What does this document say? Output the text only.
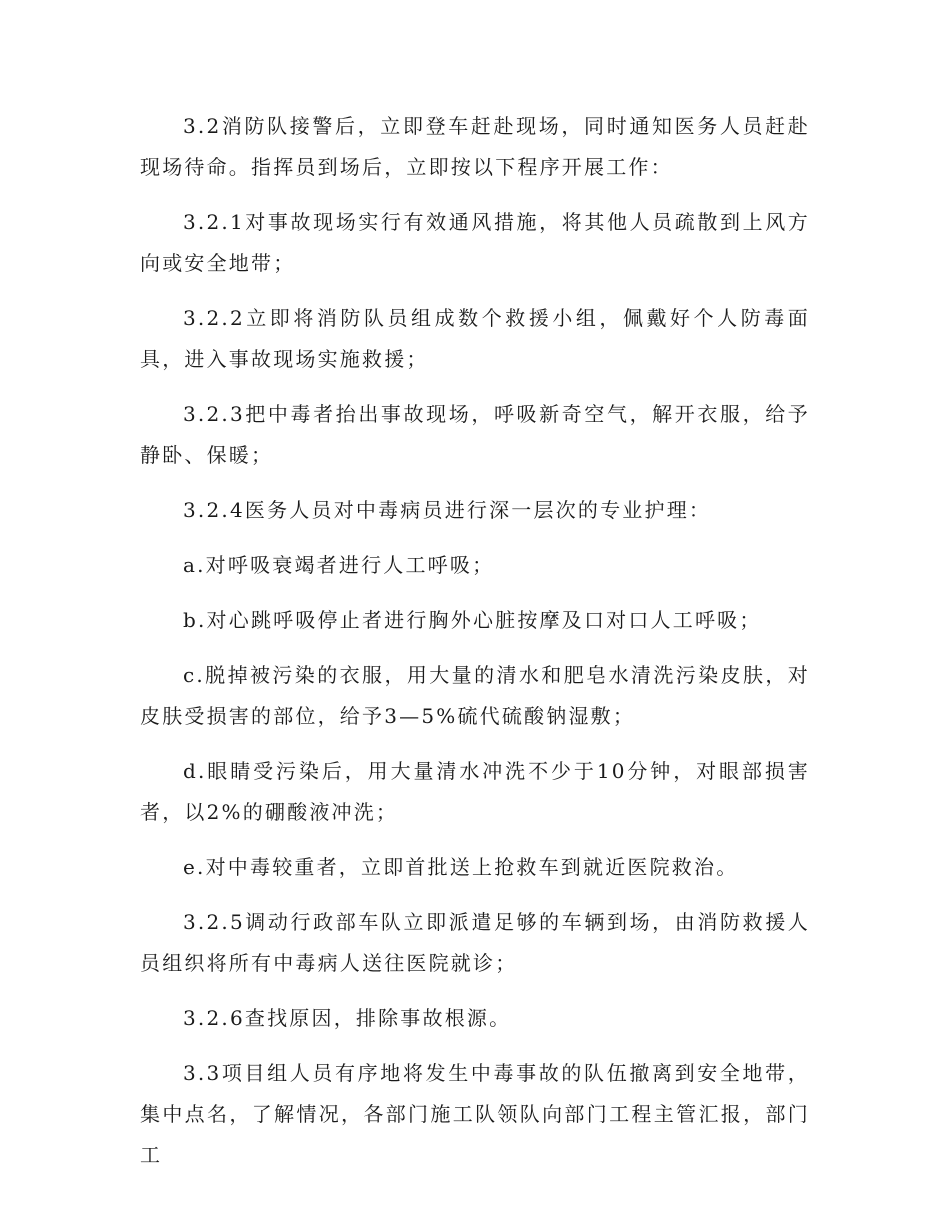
3.2消防队接警后，立即登车赶赴现场，同时通知医务人员赶赴现场待命。指挥员到场后，立即按以下程序开展工作：

3.2.1对事故现场实行有效通风措施，将其他人员疏散到上风方向或安全地带；

3.2.2立即将消防队员组成数个救援小组，佩戴好个人防毒面具，进入事故现场实施救援；

3.2.3把中毒者抬出事故现场，呼吸新奇空气，解开衣服，给予静卧、保暖；

3.2.4医务人员对中毒病员进行深一层次的专业护理：

a.对呼吸衰竭者进行人工呼吸；

b.对心跳呼吸停止者进行胸外心脏按摩及口对口人工呼吸；

c.脱掉被污染的衣服，用大量的清水和肥皂水清洗污染皮肤，对皮肤受损害的部位，给予3—5%硫代硫酸钠湿敷；

d.眼睛受污染后，用大量清水冲洗不少于10分钟，对眼部损害者，以2%的硼酸液冲洗；

e.对中毒较重者，立即首批送上抢救车到就近医院救治。

3.2.5调动行政部车队立即派遣足够的车辆到场，由消防救援人员组织将所有中毒病人送往医院就诊；

3.2.6查找原因，排除事故根源。

3.3项目组人员有序地将发生中毒事故的队伍撤离到安全地带，集中点名，了解情况，各部门施工队领队向部门工程主管汇报，部门工
